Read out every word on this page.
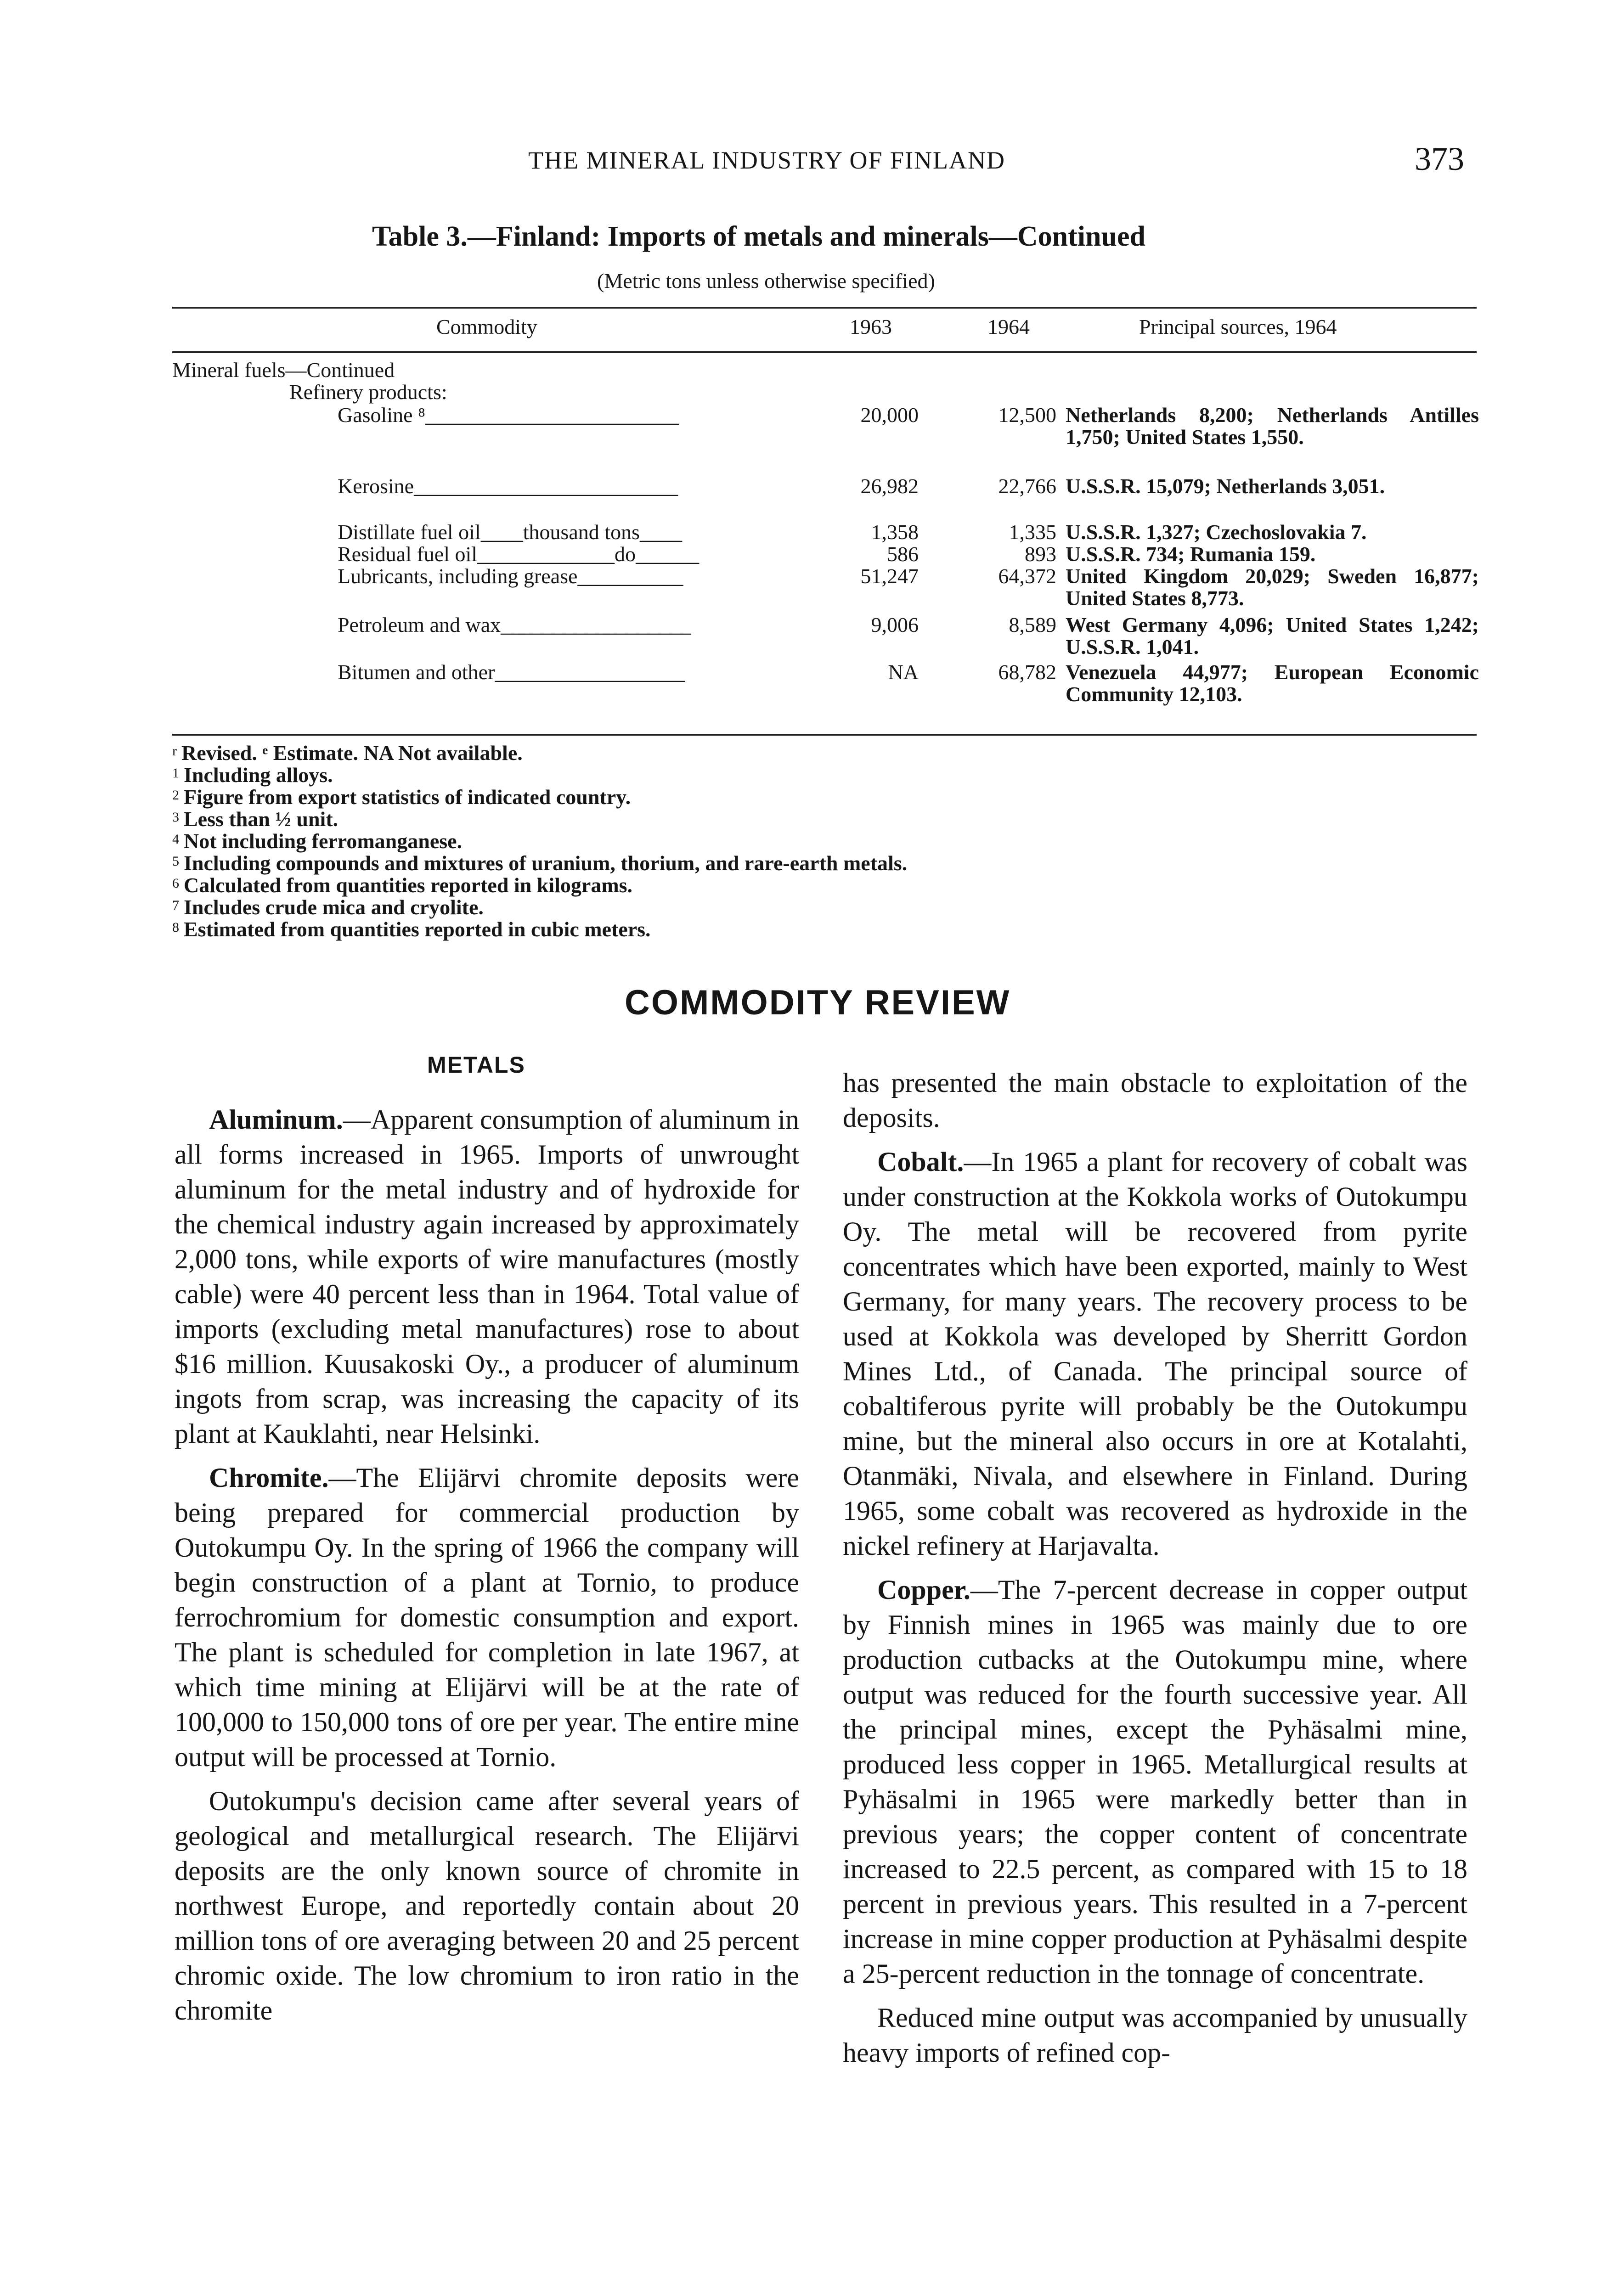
THE MINERAL INDUSTRY OF FINLAND	373
Table 3.—Finland: Imports of metals and minerals—Continued
(Metric tons unless otherwise specified)
Commodity	1963	1964	Principal sources, 1964
Mineral fuels—Continued
Refinery products:
Gasoline ⁸________________________	20,000	12,500 Netherlands 8,200; Netherlands Antilles 1,750; United States 1,550.
Kerosine_________________________	26,982	22,766 U.S.S.R. 15,079; Netherlands 3,051.
Distillate fuel oil____thousand tons____	1,358	1,335 U.S.S.R. 1,327; Czechoslovakia 7.
Residual fuel oil_____________do______	586	893 U.S.S.R. 734; Rumania 159.
Lubricants, including grease__________	51,247	64,372 United Kingdom 20,029; Sweden 16,877; United States 8,773.
Petroleum and wax__________________	9,006	8,589 West Germany 4,096; United States 1,242; U.S.S.R. 1,041.
Bitumen and other__________________	NA	68,782 Venezuela 44,977; European Economic Community 12,103.
$^r$ Revised. ᵉ Estimate. NA Not available.
$^1$ Including alloys.
$^2$ Figure from export statistics of indicated country.
$^3$ Less than ½ unit.
$^4$ Not including ferromanganese.
$^5$ Including compounds and mixtures of uranium, thorium, and rare-earth metals.
$^6$ Calculated from quantities reported in kilograms.
$^7$ Includes crude mica and cryolite.
$^8$ Estimated from quantities reported in cubic meters.
COMMODITY REVIEW
METALS

Aluminum.—Apparent consumption of aluminum in all forms increased in 1965. Imports of unwrought aluminum for the metal industry and of hydroxide for the chemical industry again increased by approximately 2,000 tons, while exports of wire manufactures (mostly cable) were 40 percent less than in 1964. Total value of imports (excluding metal manufactures) rose to about $16 million. Kuusakoski Oy., a producer of aluminum ingots from scrap, was increasing the capacity of its plant at Kauklahti, near Helsinki.

Chromite.—The Elijärvi chromite deposits were being prepared for commercial production by Outokumpu Oy. In the spring of 1966 the company will begin construction of a plant at Tornio, to produce ferrochromium for domestic consumption and export. The plant is scheduled for completion in late 1967, at which time mining at Elijärvi will be at the rate of 100,000 to 150,000 tons of ore per year. The entire mine output will be processed at Tornio.

Outokumpu's decision came after several years of geological and metallurgical research. The Elijärvi deposits are the only known source of chromite in northwest Europe, and reportedly contain about 20 million tons of ore averaging between 20 and 25 percent chromic oxide. The low chromium to iron ratio in the chromite

has presented the main obstacle to exploitation of the deposits.

Cobalt.—In 1965 a plant for recovery of cobalt was under construction at the Kokkola works of Outokumpu Oy. The metal will be recovered from pyrite concentrates which have been exported, mainly to West Germany, for many years. The recovery process to be used at Kokkola was developed by Sherritt Gordon Mines Ltd., of Canada. The principal source of cobaltiferous pyrite will probably be the Outokumpu mine, but the mineral also occurs in ore at Kotalahti, Otanmäki, Nivala, and elsewhere in Finland. During 1965, some cobalt was recovered as hydroxide in the nickel refinery at Harjavalta.

Copper.—The 7-percent decrease in copper output by Finnish mines in 1965 was mainly due to ore production cutbacks at the Outokumpu mine, where output was reduced for the fourth successive year. All the principal mines, except the Pyhäsalmi mine, produced less copper in 1965. Metallurgical results at Pyhäsalmi in 1965 were markedly better than in previous years; the copper content of concentrate increased to 22.5 percent, as compared with 15 to 18 percent in previous years. This resulted in a 7-percent increase in mine copper production at Pyhäsalmi despite a 25-percent reduction in the tonnage of concentrate.

Reduced mine output was accompanied by unusually heavy imports of refined cop-
